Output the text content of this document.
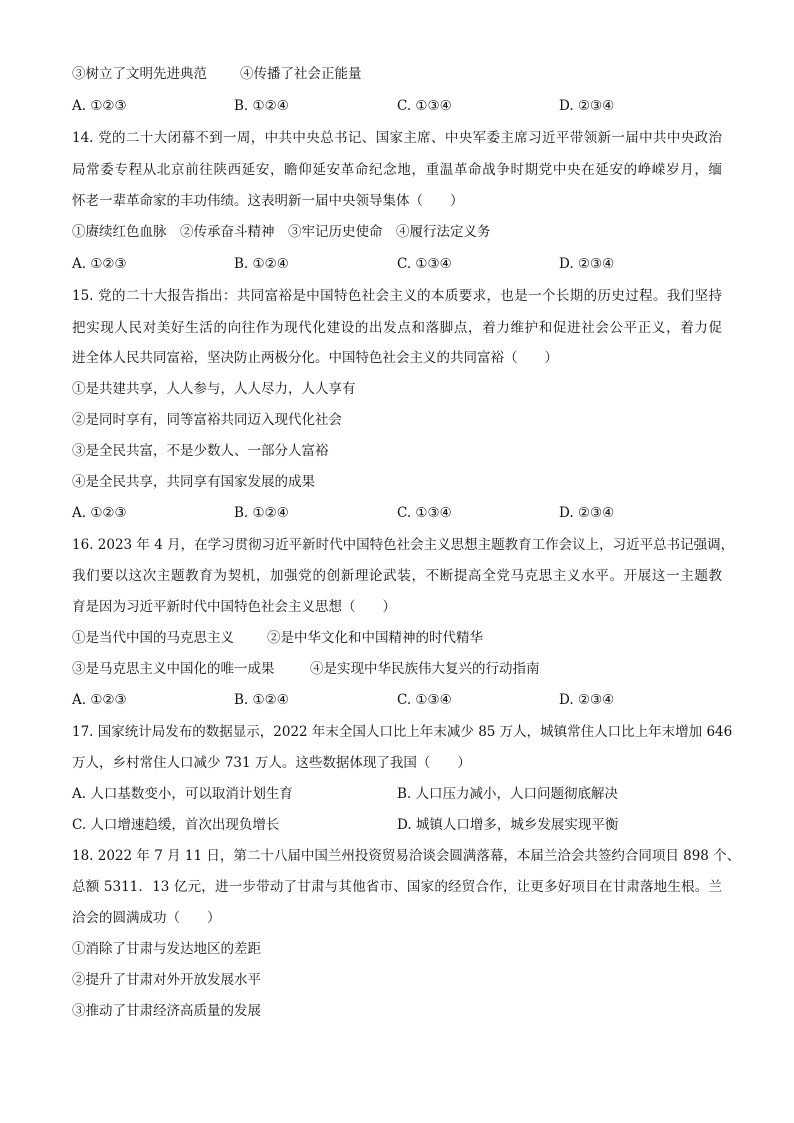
③树立了文明先进典范 ④传播了社会正能量
A. ①②③	B. ①②④	C. ①③④	D. ②③④
14. 党的二十大闭幕不到一周，中共中央总书记、国家主席、中央军委主席习近平带领新一届中共中央政治
局常委专程从北京前往陕西延安，瞻仰延安革命纪念地，重温革命战争时期党中央在延安的峥嵘岁月，缅
怀老一辈革命家的丰功伟绩。这表明新一届中央领导集体（　　）
①赓续红色血脉　②传承奋斗精神　③牢记历史使命　④履行法定义务
A. ①②③	B. ①②④	C. ①③④	D. ②③④
15. 党的二十大报告指出：共同富裕是中国特色社会主义的本质要求，也是一个长期的历史过程。我们坚持
把实现人民对美好生活的向往作为现代化建设的出发点和落脚点，着力维护和促进社会公平正义，着力促
进全体人民共同富裕，坚决防止两极分化。中国特色社会主义的共同富裕（　　）
①是共建共享，人人参与，人人尽力，人人享有
②是同时享有，同等富裕共同迈入现代化社会
③是全民共富，不是少数人、一部分人富裕
④是全民共享，共同享有国家发展的成果
A. ①②③	B. ①②④	C. ①③④	D. ②③④
16. 2023 年 4 月，在学习贯彻习近平新时代中国特色社会主义思想主题教育工作会议上，习近平总书记强调，
我们要以这次主题教育为契机，加强党的创新理论武装，不断提高全党马克思主义水平。开展这一主题教
育是因为习近平新时代中国特色社会主义思想（　　）
①是当代中国的马克思主义 ②是中华文化和中国精神的时代精华
③是马克思主义中国化的唯一成果	④是实现中华民族伟大复兴的行动指南
A. ①②③	B. ①②④	C. ①③④	D. ②③④
17. 国家统计局发布的数据显示，2022 年末全国人口比上年末减少 85 万人，城镇常住人口比上年末增加 646
万人，乡村常住人口减少 731 万人。这些数据体现了我国（　　）
A. 人口基数变小，可以取消计划生育	B. 人口压力减小，人口问题彻底解决
C. 人口增速趋缓，首次出现负增长	D. 城镇人口增多，城乡发展实现平衡
18. 2022 年 7 月 11 日，第二十八届中国兰州投资贸易洽谈会圆满落幕，本届兰洽会共签约合同项目 898 个、
总额 5311．13 亿元，进一步带动了甘肃与其他省市、国家的经贸合作，让更多好项目在甘肃落地生根。兰
洽会的圆满成功（　　）
①消除了甘肃与发达地区的差距
②提升了甘肃对外开放发展水平
③推动了甘肃经济高质量的发展
